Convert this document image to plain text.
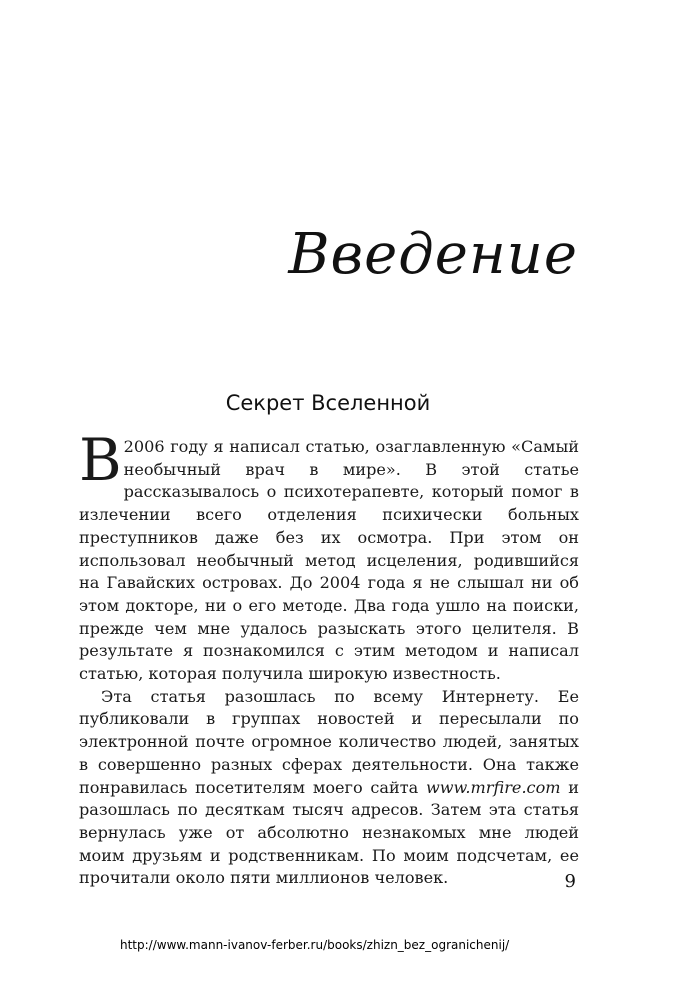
Введение
Секрет Вселенной

В 2006 году я написал статью, озаглавленную «Самый необычный врач в мире». В этой статье рассказывалось о психотерапевте, который помог в излечении всего отделения психически больных преступников даже без их осмотра. При этом он использовал необычный метод исцеления, родившийся на Гавайских островах. До 2004 года я не слышал ни об этом докторе, ни о его методе. Два года ушло на поиски, прежде чем мне удалось разыскать этого целителя. В результате я познакомился с этим методом и написал статью, которая получила широкую известность.

Эта статья разошлась по всему Интернету. Ее публиковали в группах новостей и пересылали по электронной почте огромное количество людей, занятых в совершенно разных сферах деятельности. Она также понравилась посетителям моего сайта www.mrfire.com и разошлась по десяткам тысяч адресов. Затем эта статья вернулась уже от абсолютно незнакомых мне людей моим друзьям и родственникам. По моим подсчетам, ее прочитали около пяти миллионов человек.	9
http://www.mann-ivanov-ferber.ru/books/zhizn_bez_ogranichenij/
